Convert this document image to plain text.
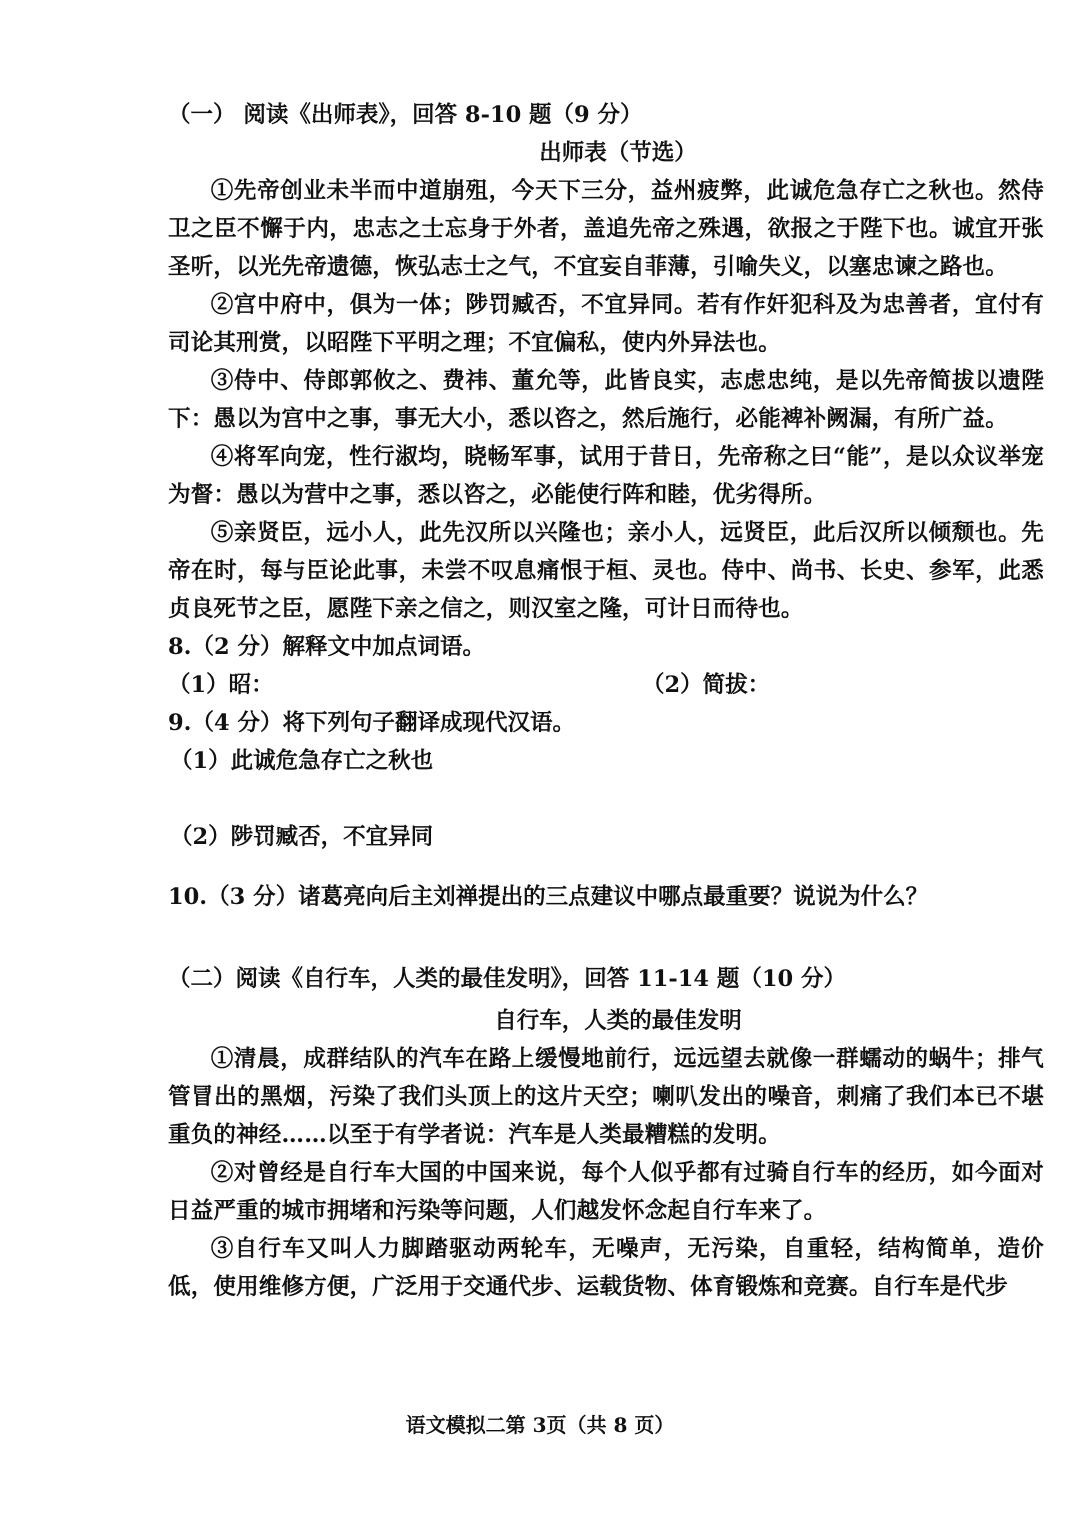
（一） 阅读《出师表》，回答 8-10 题（9 分）
出师表（节选）

①先帝创业未半而中道崩殂，今天下三分，益州疲弊，此诚危急存亡之秋也。然侍卫之臣不懈于内，忠志之士忘身于外者，盖追先帝之殊遇，欲报之于陛下也。诚宜开张圣听，以光先帝遗德，恢弘志士之气，不宜妄自菲薄，引喻失义，以塞忠谏之路也。

②宫中府中，俱为一体；陟罚臧否，不宜异同。若有作奸犯科及为忠善者，宜付有司论其刑赏，以昭陛下平明之理；不宜偏私，使内外异法也。

③侍中、侍郎郭攸之、费祎、董允等，此皆良实，志虑忠纯，是以先帝简拔以遗陛下：愚以为宫中之事，事无大小，悉以咨之，然后施行，必能裨补阙漏，有所广益。

④将军向宠，性行淑均，晓畅军事，试用于昔日，先帝称之曰“能”，是以众议举宠为督：愚以为营中之事，悉以咨之，必能使行阵和睦，优劣得所。

⑤亲贤臣，远小人，此先汉所以兴隆也；亲小人，远贤臣，此后汉所以倾颓也。先帝在时，每与臣论此事，未尝不叹息痛恨于桓、灵也。侍中、尚书、长史、参军，此悉贞良死节之臣，愿陛下亲之信之，则汉室之隆，可计日而待也。

8.（2 分）解释文中加点词语。
（1）昭：	（2）简拔：
9.（4 分）将下列句子翻译成现代汉语。
（1）此诚危急存亡之秋也
（2）陟罚臧否，不宜异同
10.（3 分）诸葛亮向后主刘禅提出的三点建议中哪点最重要？说说为什么？
（二）阅读《自行车，人类的最佳发明》，回答 11-14 题（10 分）
自行车，人类的最佳发明

①清晨，成群结队的汽车在路上缓慢地前行，远远望去就像一群蠕动的蜗牛；排气管冒出的黑烟，污染了我们头顶上的这片天空；喇叭发出的噪音，刺痛了我们本已不堪重负的神经……以至于有学者说：汽车是人类最糟糕的发明。

②对曾经是自行车大国的中国来说，每个人似乎都有过骑自行车的经历，如今面对日益严重的城市拥堵和污染等问题，人们越发怀念起自行车来了。

③自行车又叫人力脚踏驱动两轮车，无噪声，无污染，自重轻，结构简单，造价低，使用维修方便，广泛用于交通代步、运载货物、体育锻炼和竞赛。自行车是代步

语文模拟二第 3页（共 8 页）
